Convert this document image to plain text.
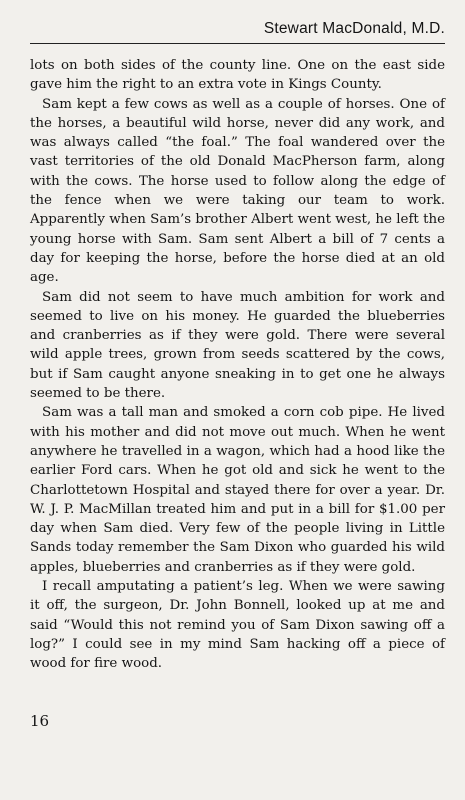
Stewart MacDonald, M.D.

lots on both sides of the county line. One on the east side gave him the right to an extra vote in Kings County.

Sam kept a few cows as well as a couple of horses. One of the horses, a beautiful wild horse, never did any work, and was always called “the foal.” The foal wandered over the vast territories of the old Donald MacPherson farm, along with the cows. The horse used to follow along the edge of the fence when we were taking our team to work. Apparently when Sam’s brother Albert went west, he left the young horse with Sam. Sam sent Albert a bill of 7 cents a day for keeping the horse, before the horse died at an old age.

Sam did not seem to have much ambition for work and seemed to live on his money. He guarded the blueberries and cranberries as if they were gold. There were several wild apple trees, grown from seeds scattered by the cows, but if Sam caught anyone sneaking in to get one he always seemed to be there.

Sam was a tall man and smoked a corn cob pipe. He lived with his mother and did not move out much. When he went anywhere he travelled in a wagon, which had a hood like the earlier Ford cars. When he got old and sick he went to the Charlottetown Hospital and stayed there for over a year. Dr. W. J. P. MacMillan treated him and put in a bill for $1.00 per day when Sam died. Very few of the people living in Little Sands today remember the Sam Dixon who guarded his wild apples, blueberries and cranberries as if they were gold.

I recall amputating a patient’s leg. When we were sawing it off, the surgeon, Dr. John Bonnell, looked up at me and said “Would this not remind you of Sam Dixon sawing off a log?” I could see in my mind Sam hacking off a piece of wood for fire wood.

16
